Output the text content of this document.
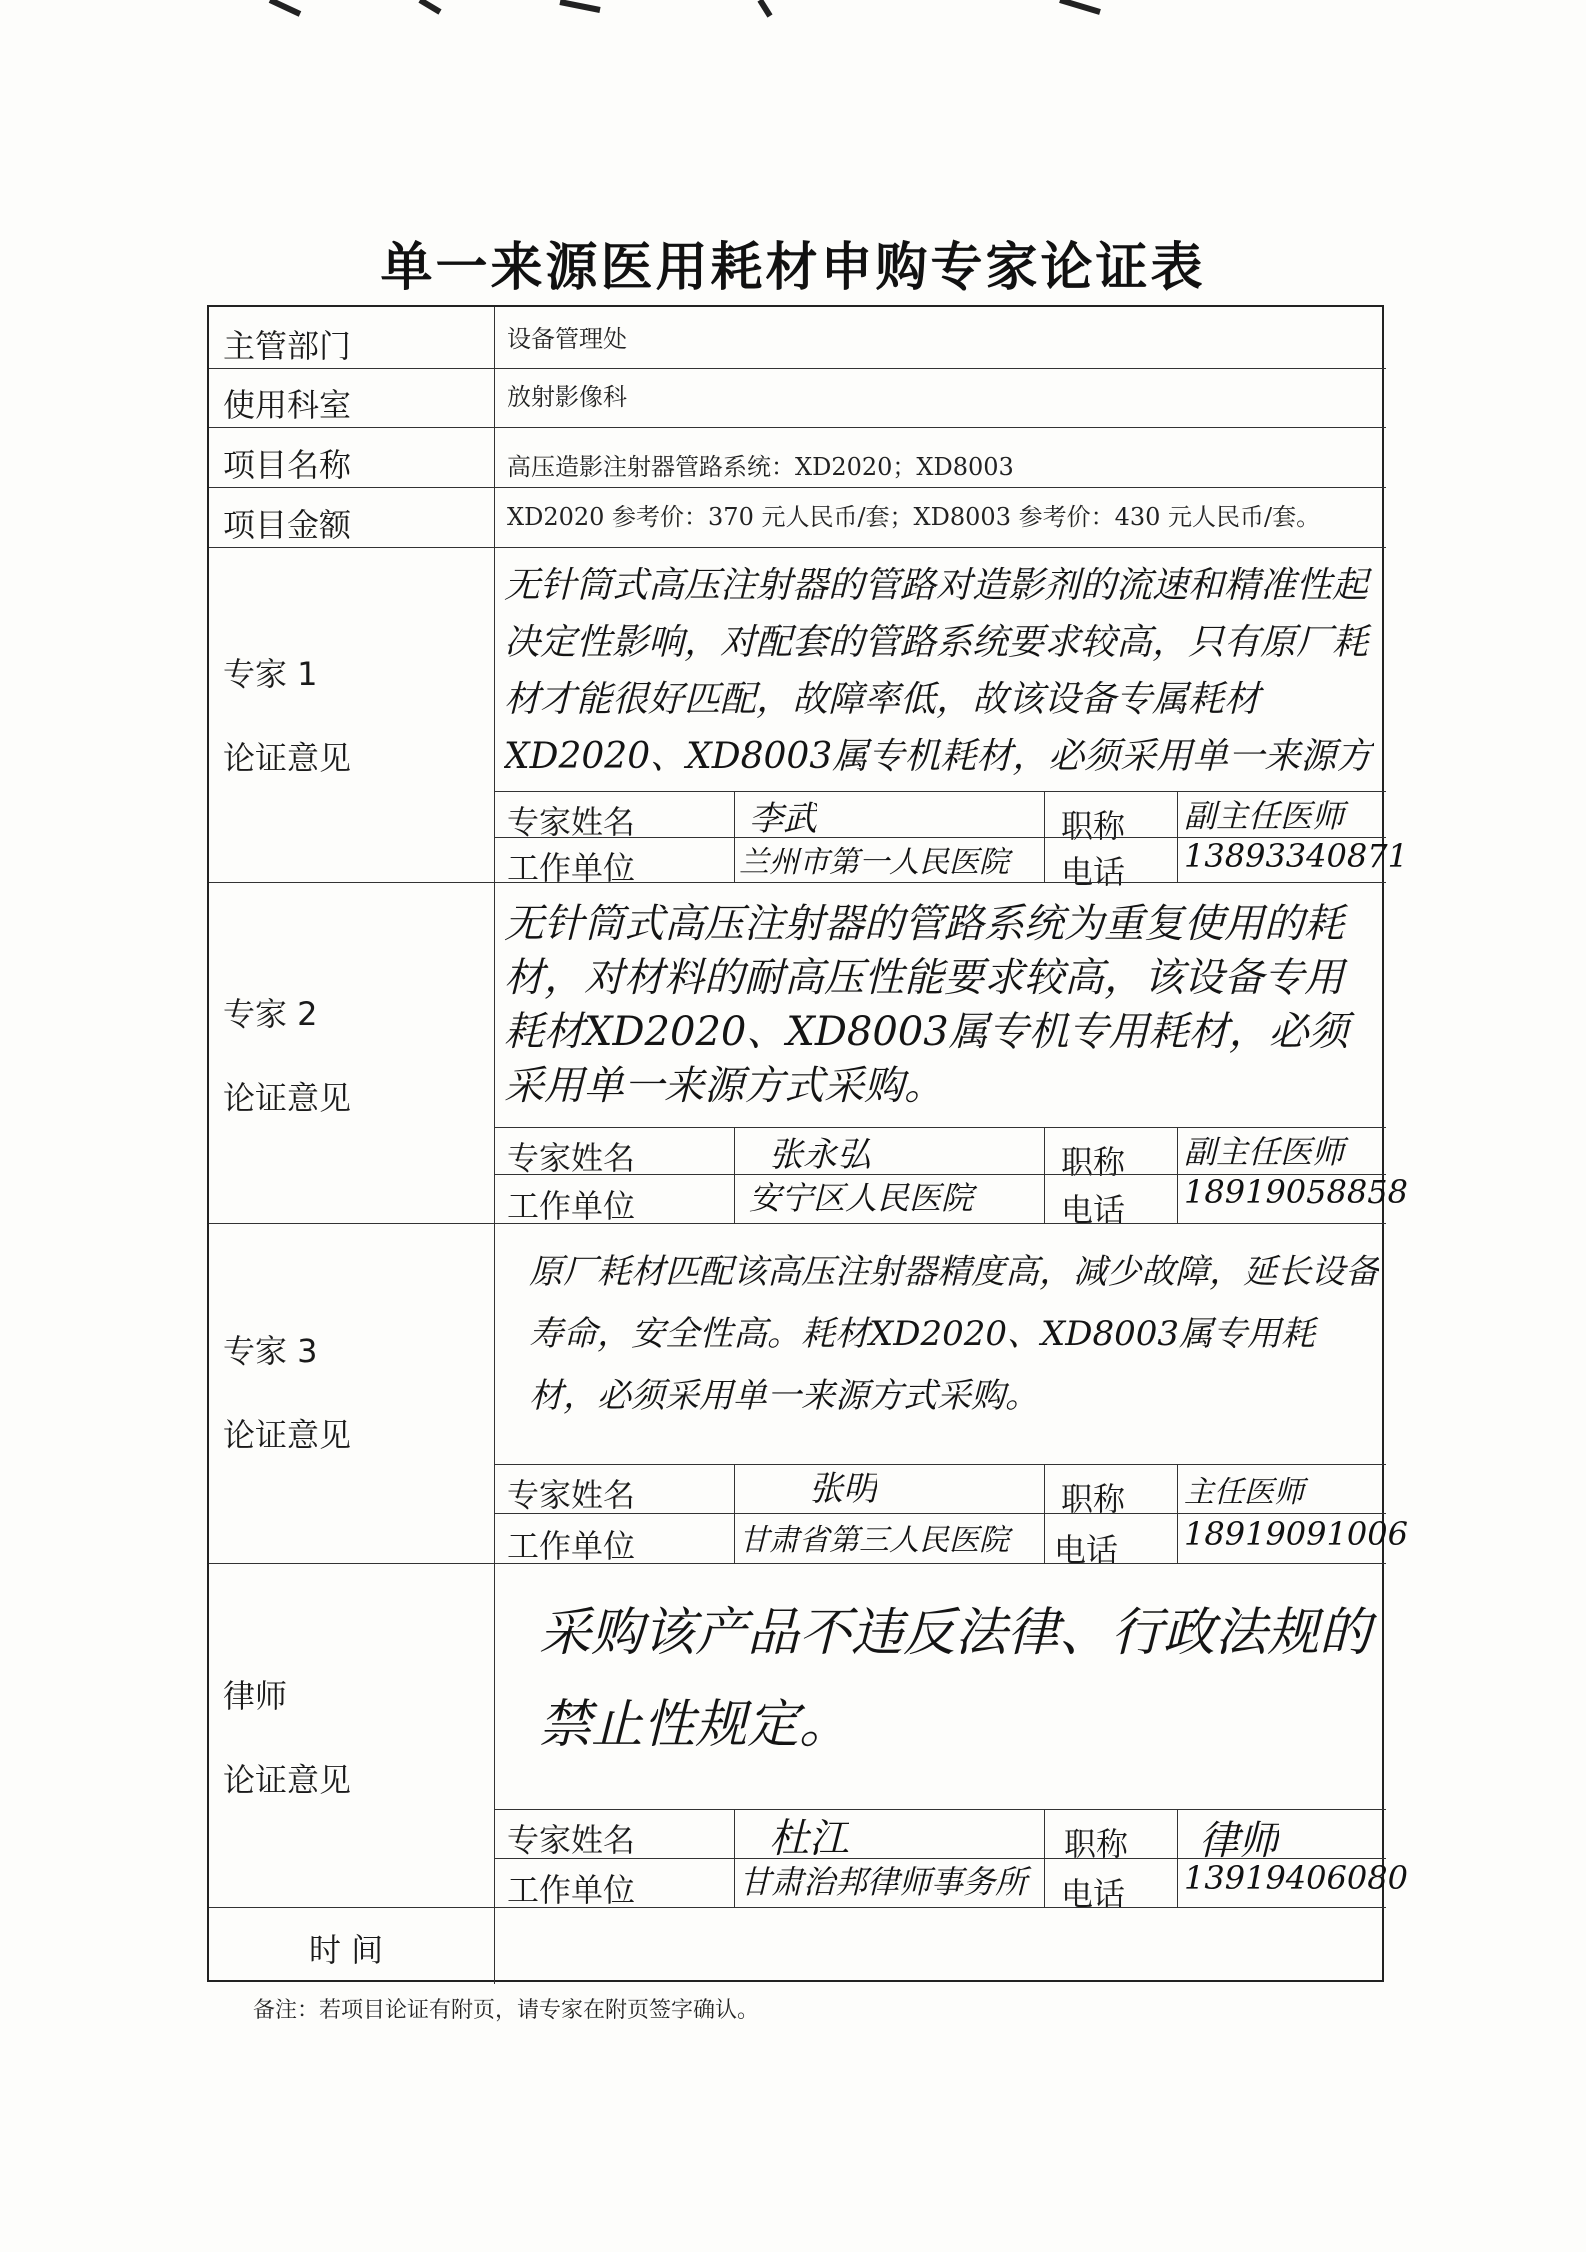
单一来源医用耗材申购专家论证表
主管部门	设备管理处
使用科室	放射影像科
项目名称	高压造影注射器管路系统：XD2020；XD8003
项目金额	XD2020 参考价：370 元人民币/套；XD8003 参考价：430 元人民币/套。
专家 1
论证意见
无针筒式高压注射器的管路对造影剂的流速和精准性起决定性影响，对配套的管路系统要求较高，只有原厂耗材才能很好匹配，故障率低，故该设备专属耗材XD2020、XD8003属专机耗材，必须采用单一来源方
专家姓名	李武	职称 副主任医师
工作单位	兰州市第一人民医院	电话 13893340871
专家 2
论证意见
无针筒式高压注射器的管路系统为重复使用的耗材，对材料的耐高压性能要求较高，该设备专用耗材XD2020、XD8003属专机专用耗材，必须采用单一来源方式采购。
专家姓名	张永弘	职称 副主任医师
工作单位	安宁区人民医院	电话 18919058858
专家 3
论证意见
原厂耗材匹配该高压注射器精度高，减少故障，延长设备寿命，安全性高。耗材XD2020、XD8003属专用耗材，必须采用单一来源方式采购。
专家姓名	张明	职称 主任医师
工作单位	甘肃省第三人民医院	电话 18919091006
律师
论证意见
采购该产品不违反法律、行政法规的禁止性规定。
专家姓名	杜江	职称 律师
工作单位	甘肃治邦律师事务所	电话 13919406080
时 间
备注：若项目论证有附页，请专家在附页签字确认。
